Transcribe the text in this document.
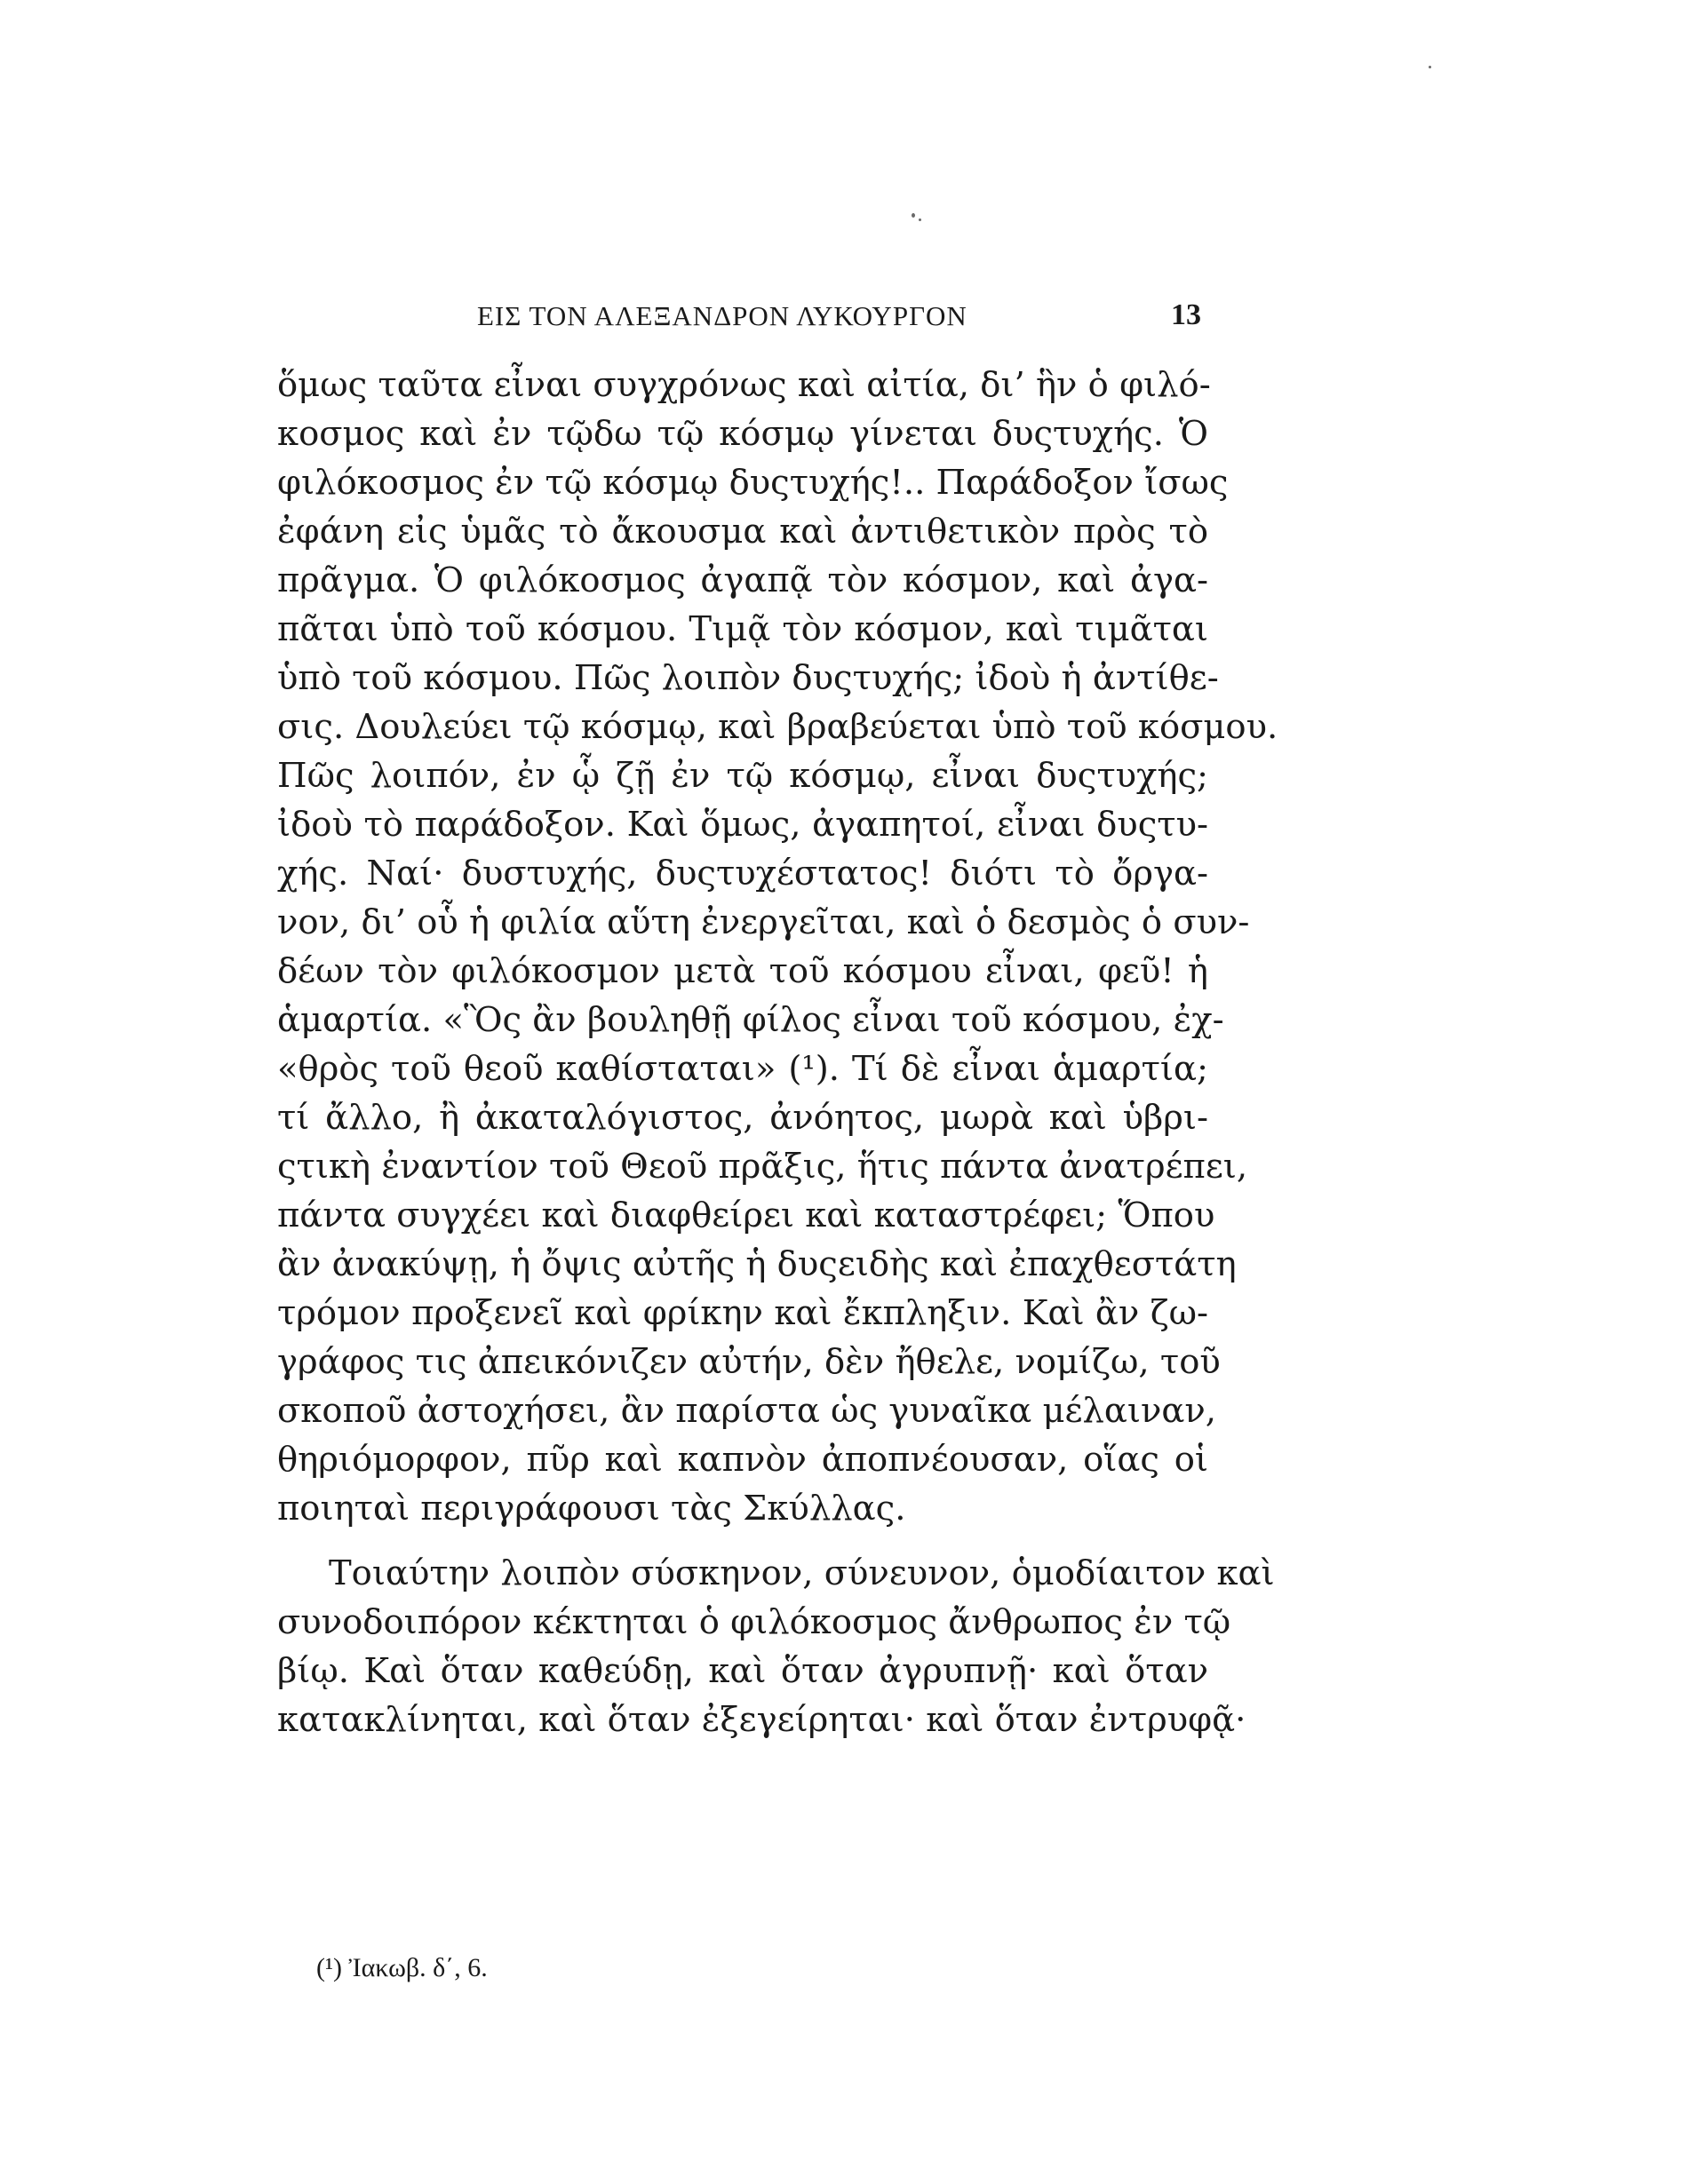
ΕΙΣ ΤΟΝ ΑΛΕΞΑΝΔΡΟΝ ΛΥΚΟΥΡΓΟΝ	13
ὅμως ταῦτα εἶναι συγχρόνως καὶ αἰτία, δι’ ἣν ὁ φιλό-
κοσμος καὶ ἐν τῷδω τῷ κόσμῳ γίνεται δυςτυχής. Ὁ
φιλόκοσμος ἐν τῷ κόσμῳ δυςτυχής!.. Παράδοξον ἴσως
ἐφάνη εἰς ὑμᾶς τὸ ἄκουσμα καὶ ἀντιθετικὸν πρὸς τὸ
πρᾶγμα. Ὁ φιλόκοσμος ἀγαπᾷ τὸν κόσμον, καὶ ἀγα-
πᾶται ὑπὸ τοῦ κόσμου. Τιμᾷ τὸν κόσμον, καὶ τιμᾶται
ὑπὸ τοῦ κόσμου. Πῶς λοιπὸν δυςτυχής; ἰδοὺ ἡ ἀντίθε-
σις. Δουλεύει τῷ κόσμῳ, καὶ βραβεύεται ὑπὸ τοῦ κόσμου.
Πῶς λοιπόν, ἐν ᾧ ζῇ ἐν τῷ κόσμῳ, εἶναι δυςτυχής;
ἰδοὺ τὸ παράδοξον. Καὶ ὅμως, ἀγαπητοί, εἶναι δυςτυ-
χής. Ναί· δυστυχής, δυςτυχέστατος! διότι τὸ ὄργα-
νον, δι’ οὗ ἡ φιλία αὕτη ἐνεργεῖται, καὶ ὁ δεσμὸς ὁ συν-
δέων τὸν φιλόκοσμον μετὰ τοῦ κόσμου εἶναι, φεῦ! ἡ
ἁμαρτία. «Ὃς ἂν βουληθῇ φίλος εἶναι τοῦ κόσμου, ἐχ-
«θρὸς τοῦ θεοῦ καθίσταται» (¹). Τί δὲ εἶναι ἁμαρτία;
τί ἄλλο, ἢ ἀκαταλόγιστος, ἀνόητος, μωρὰ καὶ ὑβρι-
ςτικὴ ἐναντίον τοῦ Θεοῦ πρᾶξις, ἥτις πάντα ἀνατρέπει,
πάντα συγχέει καὶ διαφθείρει καὶ καταστρέφει; Ὅπου
ἂν ἀνακύψῃ, ἡ ὄψις αὐτῆς ἡ δυςειδὴς καὶ ἐπαχθεστάτη
τρόμον προξενεῖ καὶ φρίκην καὶ ἔκπληξιν. Καὶ ἂν ζω-
γράφος τις ἀπεικόνιζεν αὐτήν, δὲν ἤθελε, νομίζω, τοῦ
σκοποῦ ἀστοχήσει, ἂν παρίστα ὡς γυναῖκα μέλαιναν,
θηριόμορφον, πῦρ καὶ καπνὸν ἀποπνέουσαν, οἵας οἱ
ποιηταὶ περιγράφουσι τὰς Σκύλλας.
Τοιαύτην λοιπὸν σύσκηνον, σύνευνον, ὁμοδίαιτον καὶ
συνοδοιπόρον κέκτηται ὁ φιλόκοσμος ἄνθρωπος ἐν τῷ
βίῳ. Καὶ ὅταν καθεύδῃ, καὶ ὅταν ἀγρυπνῇ· καὶ ὅταν
κατακλίνηται, καὶ ὅταν ἐξεγείρηται· καὶ ὅταν ἐντρυφᾷ·
(¹) Ἰακωβ. δ΄, 6.
